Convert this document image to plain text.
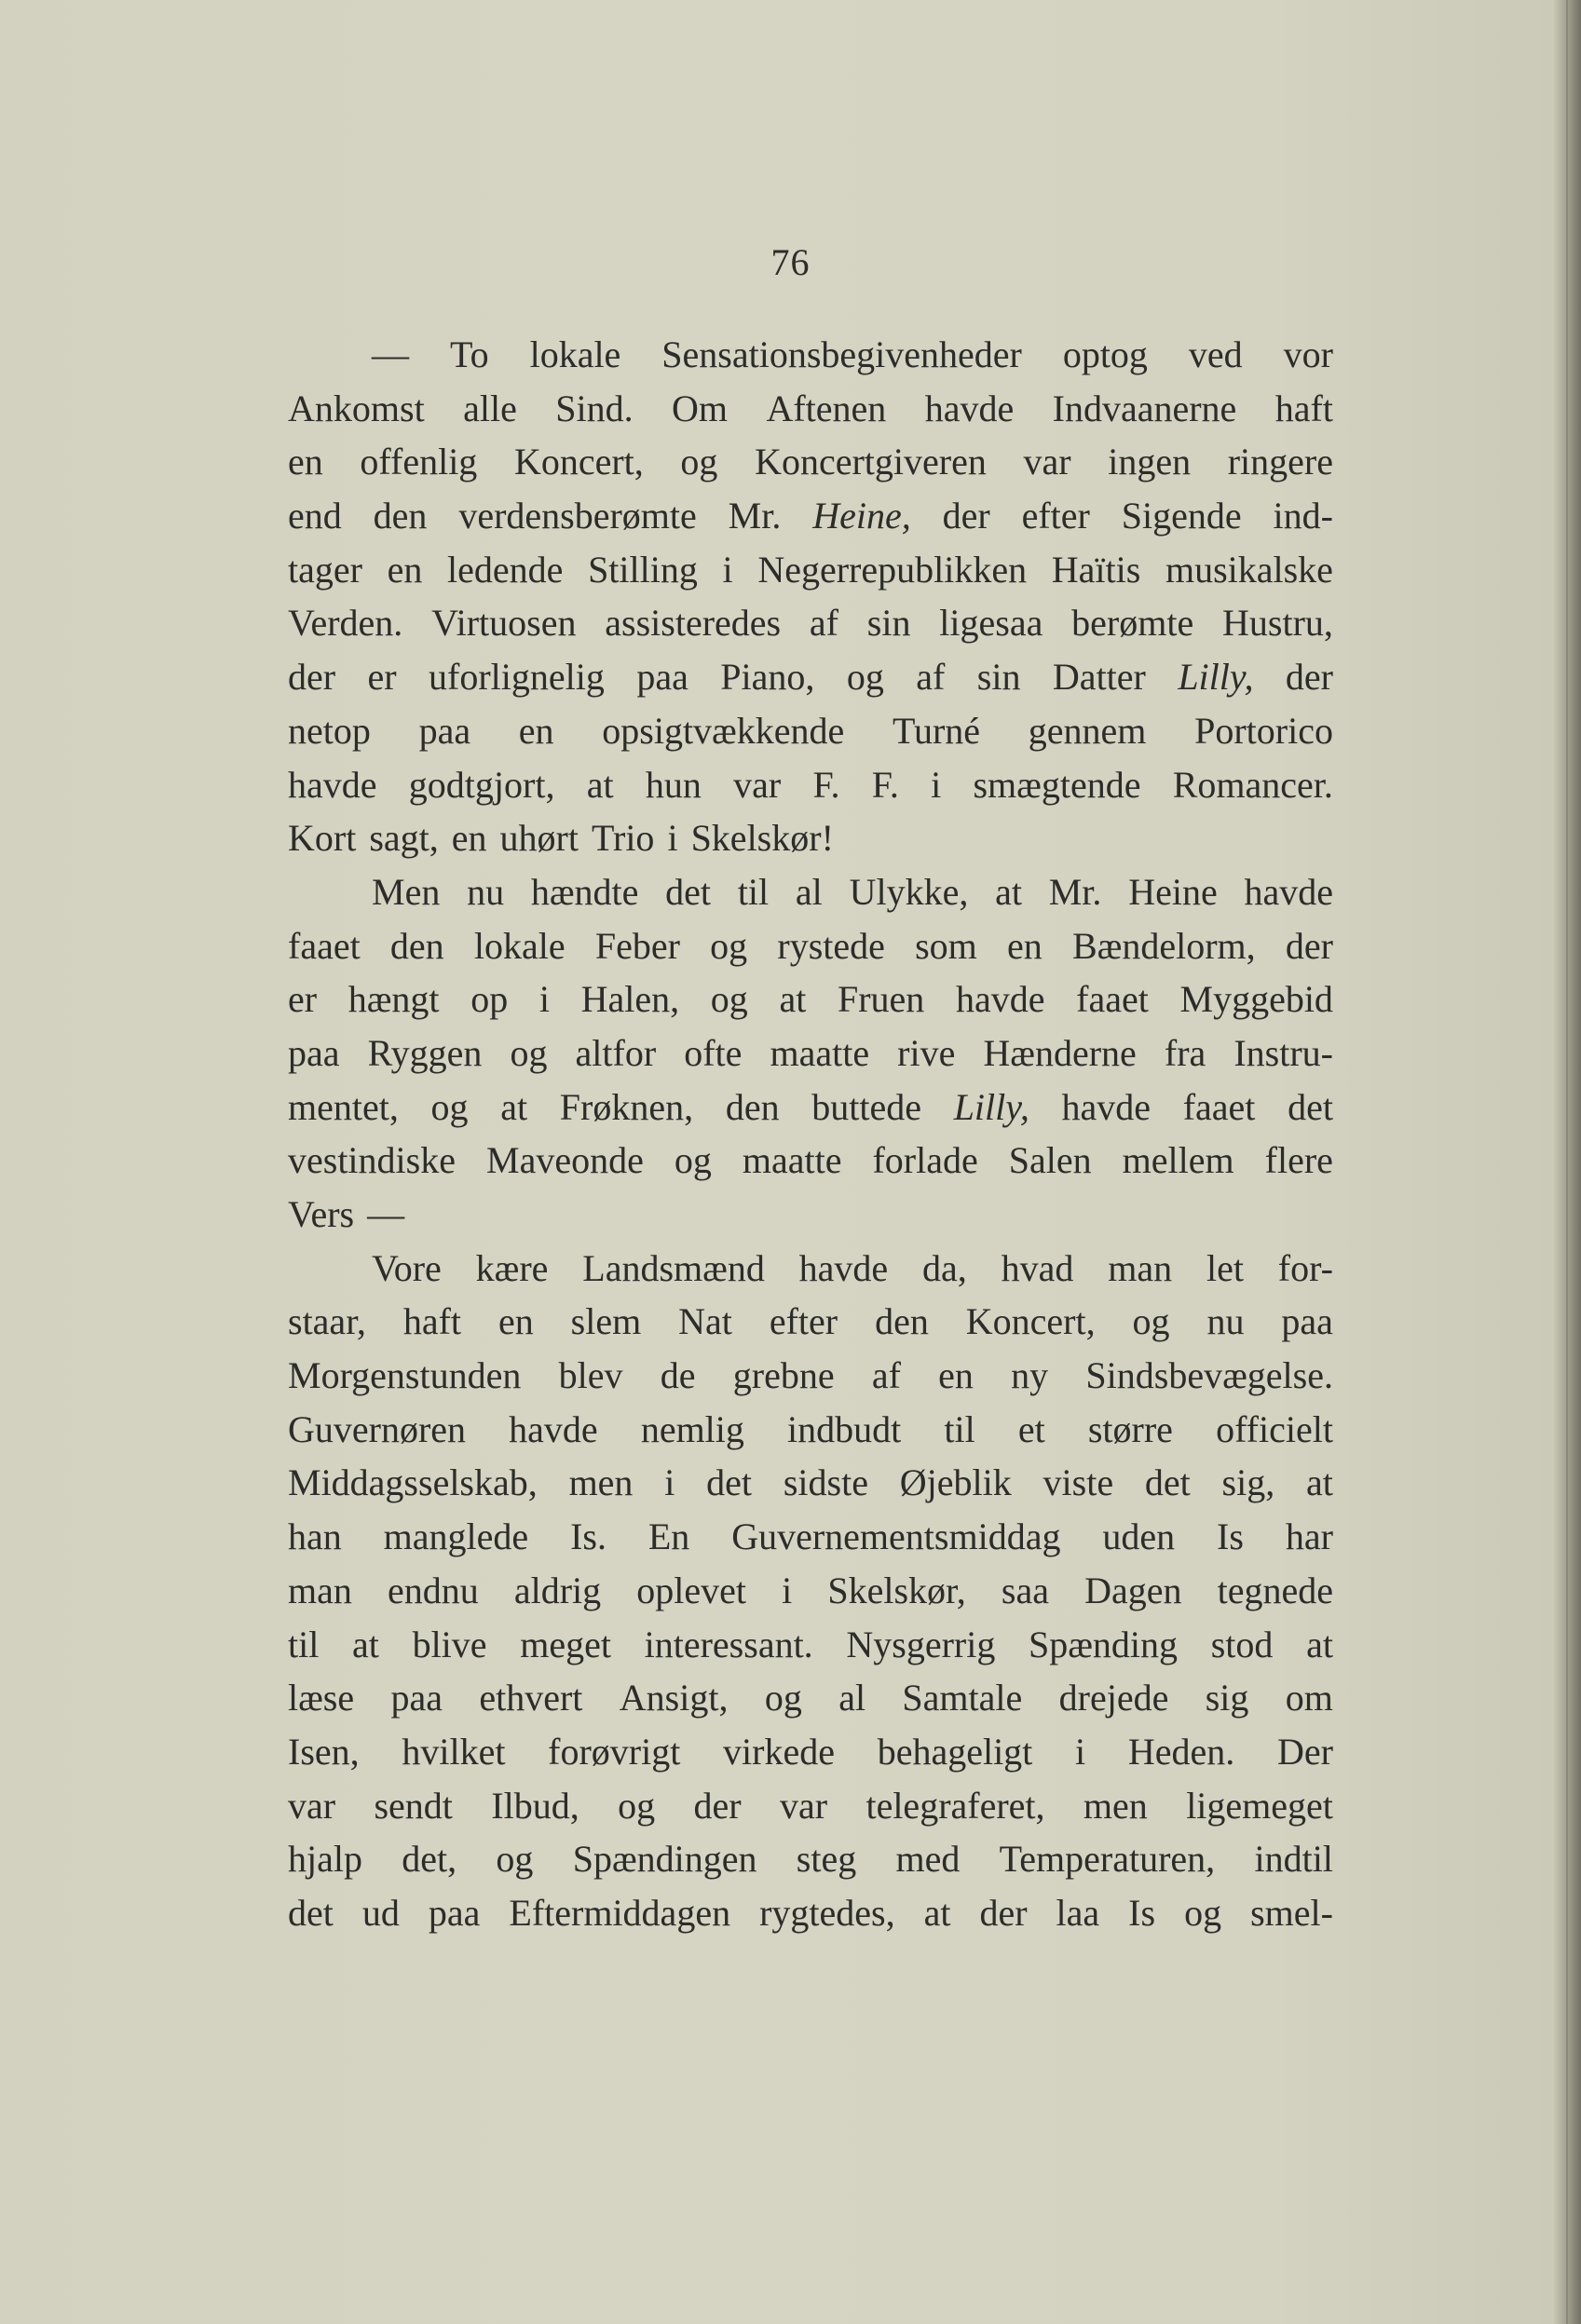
76
— To lokale Sensationsbegivenheder optog ved vor
Ankomst alle Sind. Om Aftenen havde Indvaanerne haft
en offenlig Koncert, og Koncertgiveren var ingen ringere
end den verdensberømte Mr. Heine, der efter Sigende ind-
tager en ledende Stilling i Negerrepublikken Haïtis musikalske
Verden. Virtuosen assisteredes af sin ligesaa berømte Hustru,
der er uforlignelig paa Piano, og af sin Datter Lilly, der
netop paa en opsigtvækkende Turné gennem Portorico
havde godtgjort, at hun var F. F. i smægtende Romancer.
Kort sagt, en uhørt Trio i Skelskør!
Men nu hændte det til al Ulykke, at Mr. Heine havde
faaet den lokale Feber og rystede som en Bændelorm, der
er hængt op i Halen, og at Fruen havde faaet Myggebid
paa Ryggen og altfor ofte maatte rive Hænderne fra Instru-
mentet, og at Frøknen, den buttede Lilly, havde faaet det
vestindiske Maveonde og maatte forlade Salen mellem flere
Vers —
Vore kære Landsmænd havde da, hvad man let for-
staar, haft en slem Nat efter den Koncert, og nu paa
Morgenstunden blev de grebne af en ny Sindsbevægelse.
Guvernøren havde nemlig indbudt til et større officielt
Middagsselskab, men i det sidste Øjeblik viste det sig, at
han manglede Is. En Guvernementsmiddag uden Is har
man endnu aldrig oplevet i Skelskør, saa Dagen tegnede
til at blive meget interessant. Nysgerrig Spænding stod at
læse paa ethvert Ansigt, og al Samtale drejede sig om
Isen, hvilket forøvrigt virkede behageligt i Heden. Der
var sendt Ilbud, og der var telegraferet, men ligemeget
hjalp det, og Spændingen steg med Temperaturen, indtil
det ud paa Eftermiddagen rygtedes, at der laa Is og smel-
